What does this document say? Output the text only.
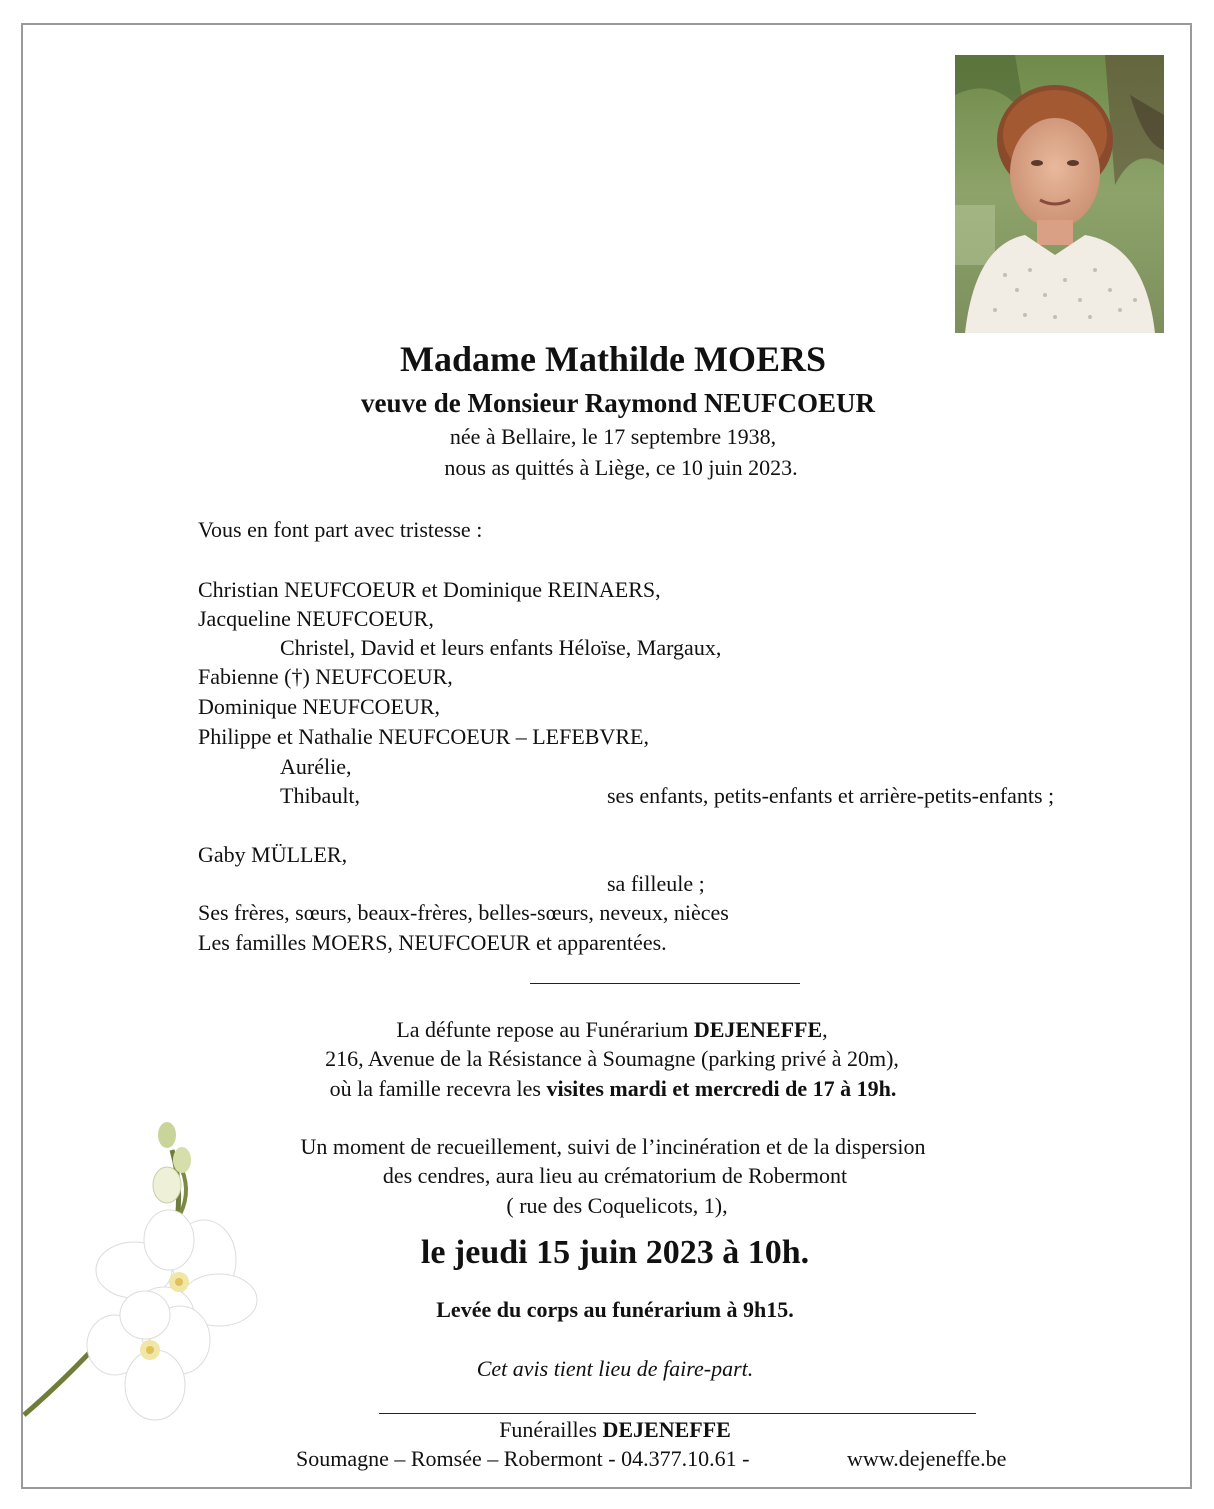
Madame Mathilde MOERS
veuve de Monsieur Raymond NEUFCOEUR
née à Bellaire, le 17 septembre 1938,
nous as quittés à Liège, ce 10 juin 2023.
Vous en font part avec tristesse :
Christian NEUFCOEUR et Dominique REINAERS,
Jacqueline NEUFCOEUR,
Christel, David et leurs enfants Héloïse, Margaux,
Fabienne (†) NEUFCOEUR,
Dominique NEUFCOEUR,
Philippe et Nathalie NEUFCOEUR – LEFEBVRE,
Aurélie,
Thibault,	ses enfants, petits-enfants et arrière-petits-enfants ;
Gaby MÜLLER,
sa filleule ;
Ses frères, sœurs, beaux-frères, belles-sœurs, neveux, nièces
Les familles MOERS, NEUFCOEUR et apparentées.
La défunte repose au Funérarium DEJENEFFE,
216, Avenue de la Résistance à Soumagne (parking privé à 20m),
où la famille recevra les visites mardi et mercredi de 17 à 19h.
Un moment de recueillement, suivi de l’incinération et de la dispersion
des cendres, aura lieu au crématorium de Robermont
( rue des Coquelicots, 1),
le jeudi 15 juin 2023 à 10h.
Levée du corps au funérarium à 9h15.
Cet avis tient lieu de faire-part.
Funérailles DEJENEFFE
Soumagne – Romsée – Robermont - 04.377.10.61 -	www.dejeneffe.be
